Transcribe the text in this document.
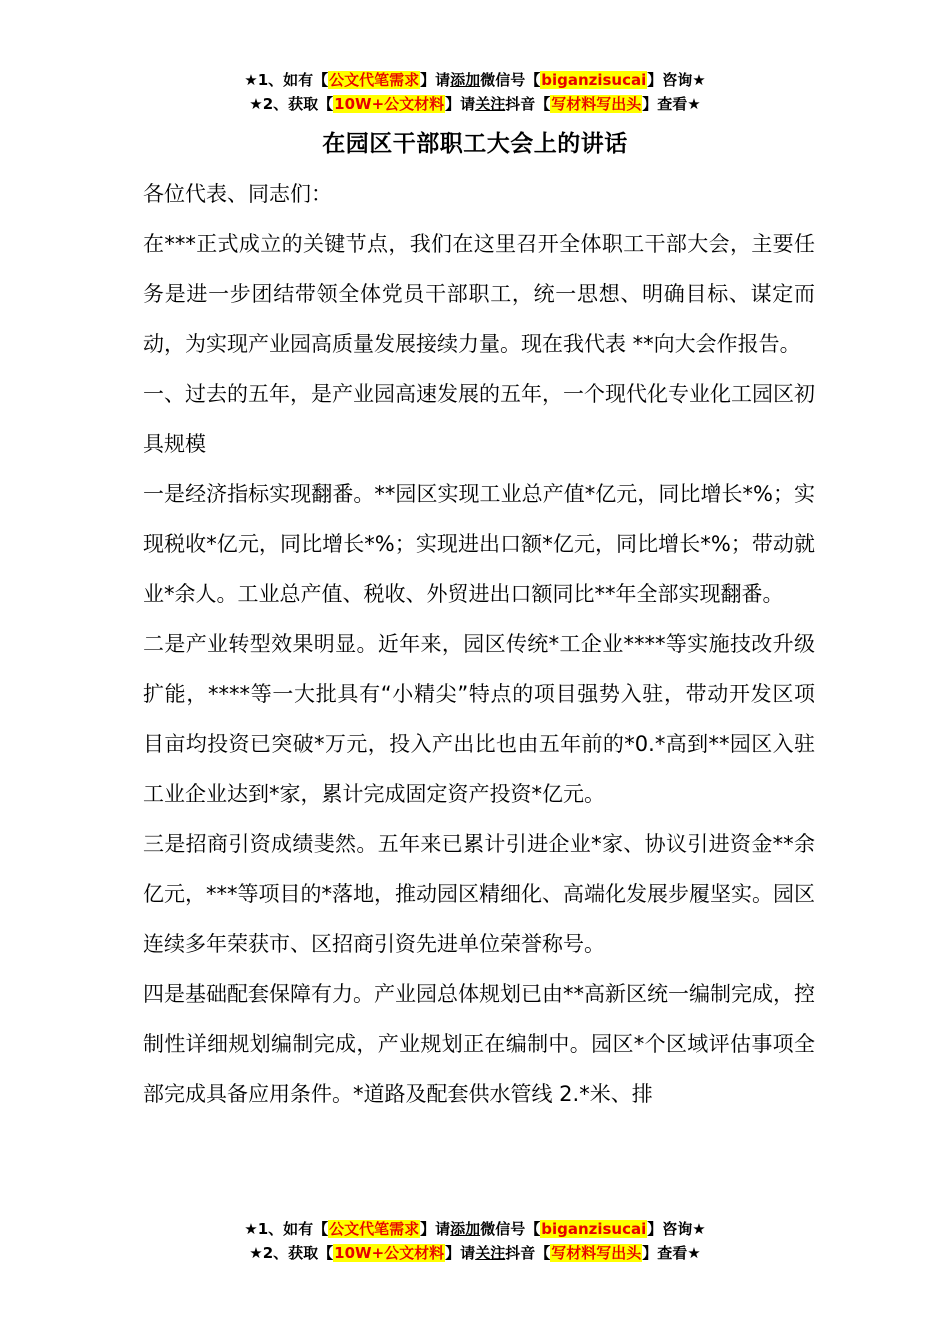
★1、如有【公文代笔需求】请添加微信号【biganzisucai】咨询★
★2、获取【10W+公文材料】请关注抖音【写材料写出头】查看★
在园区干部职工大会上的讲话

各位代表、同志们：

在***正式成立的关键节点，我们在这里召开全体职工干部大会，主要任务是进一步团结带领全体党员干部职工，统一思想、明确目标、谋定而动，为实现产业园高质量发展接续力量。现在我代表 **向大会作报告。

一、过去的五年，是产业园高速发展的五年，一个现代化专业化工园区初具规模

一是经济指标实现翻番。**园区实现工业总产值*亿元，同比增长*%；实现税收*亿元，同比增长*%；实现进出口额*亿元，同比增长*%；带动就业*余人。工业总产值、税收、外贸进出口额同比**年全部实现翻番。

二是产业转型效果明显。近年来，园区传统*工企业****等实施技改升级扩能，****等一大批具有“小精尖”特点的项目强势入驻，带动开发区项目亩均投资已突破*万元，投入产出比也由五年前的*0.*高到**园区入驻工业企业达到*家，累计完成固定资产投资*亿元。

三是招商引资成绩斐然。五年来已累计引进企业*家、协议引进资金**余亿元，***等项目的*落地，推动园区精细化、高端化发展步履坚实。园区连续多年荣获市、区招商引资先进单位荣誉称号。

四是基础配套保障有力。产业园总体规划已由**高新区统一编制完成，控制性详细规划编制完成，产业规划正在编制中。园区*个区域评估事项全部完成具备应用条件。*道路及配套供水管线 2.*米、排

★1、如有【公文代笔需求】请添加微信号【biganzisucai】咨询★
★2、获取【10W+公文材料】请关注抖音【写材料写出头】查看★
